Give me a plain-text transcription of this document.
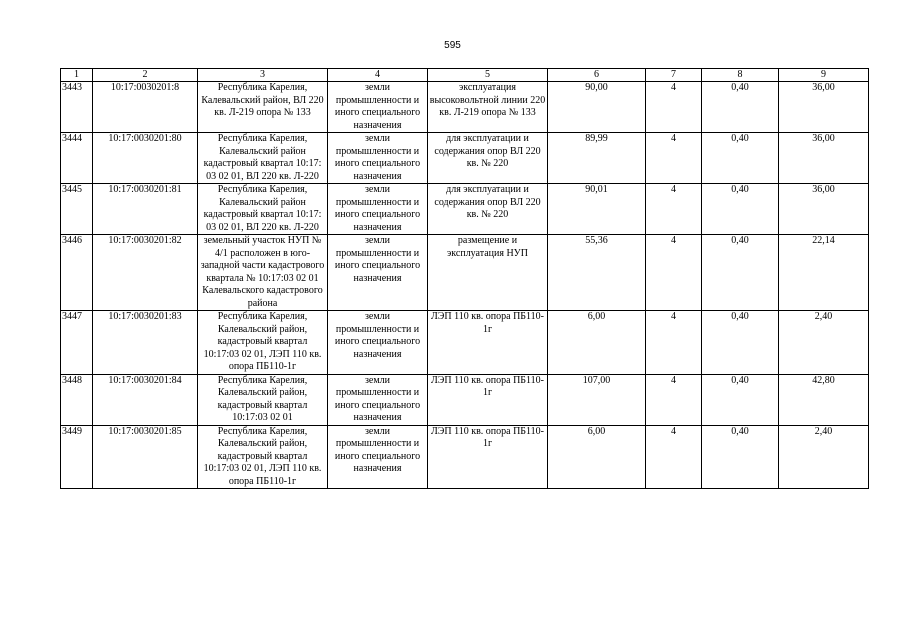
595
1	2	3	4	5	6	7	8	9
3443	10:17:0030201:8	Республика Карелия, Калевальский район, ВЛ 220 кв. Л-219 опора № 133	земли промышленности и иного специального назначения	эксплуатация высоковольтной линии 220 кв. Л-219 опора № 133	90,00	4	0,40	36,00
3444	10:17:0030201:80	Республика Карелия, Калевальский район кадастровый квартал 10:17: 03 02 01, ВЛ 220 кв. Л-220	земли промышленности и иного специального назначения	для эксплуатации и содержания опор ВЛ 220 кв. № 220	89,99	4	0,40	36,00
3445	10:17:0030201:81	Республика Карелия, Калевальский район кадастровый квартал 10:17: 03 02 01, ВЛ 220 кв. Л-220	земли промышленности и иного специального назначения	для эксплуатации и содержания опор ВЛ 220 кв. № 220	90,01	4	0,40	36,00
3446	10:17:0030201:82	земельный участок НУП № 4/1 расположен в юго-западной части кадастрового квартала № 10:17:03 02 01 Калевальского кадастрового района	земли промышленности и иного специального назначения	размещение и эксплуатация НУП	55,36	4	0,40	22,14
3447	10:17:0030201:83	Республика Карелия, Калевальский район, кадастровый квартал 10:17:03 02 01, ЛЭП 110 кв. опора ПБ110-1г	земли промышленности и иного специального назначения	ЛЭП 110 кв. опора ПБ110-1г	6,00	4	0,40	2,40
3448	10:17:0030201:84	Республика Карелия, Калевальский район, кадастровый квартал 10:17:03 02 01	земли промышленности и иного специального назначения	ЛЭП 110 кв. опора ПБ110-1г	107,00	4	0,40	42,80
3449	10:17:0030201:85	Республика Карелия, Калевальский район, кадастровый квартал 10:17:03 02 01, ЛЭП 110 кв. опора ПБ110-1г	земли промышленности и иного специального назначения	ЛЭП 110 кв. опора ПБ110-1г	6,00	4	0,40	2,40
